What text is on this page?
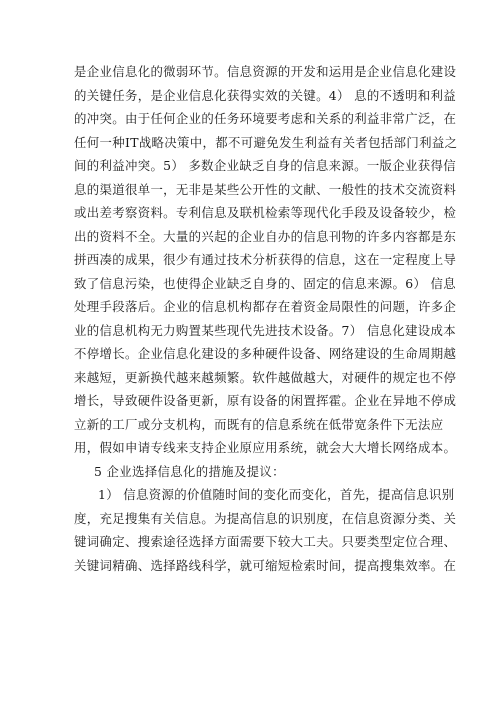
是企业信息化的微弱环节。信息资源的开发和运用是企业信息化建设
的关键任务，是企业信息化获得实效的关键。4） 息的不透明和利益
的冲突。由于任何企业的任务环境要考虑和关系的利益非常广泛，在
任何一种IT战略决策中，都不可避免发生利益有关者包括部门利益之
间的利益冲突。5） 多数企业缺乏自身的信息来源。一版企业获得信
息的渠道很单一，无非是某些公开性的文献、一般性的技术交流资料
或出差考察资料。专利信息及联机检索等现代化手段及设备较少，检
出的资料不全。大量的兴起的企业自办的信息刊物的许多内容都是东
拼西凑的成果，很少有通过技术分析获得的信息，这在一定程度上导
致了信息污染，也使得企业缺乏自身的、固定的信息来源。6） 信息
处理手段落后。企业的信息机构都存在着资金局限性的问题，许多企
业的信息机构无力购置某些现代先进技术设备。7） 信息化建设成本
不停增长。企业信息化建设的多种硬件设备、网络建设的生命周期越
来越短，更新换代越来越频繁。软件越做越大，对硬件的规定也不停
增长，导致硬件设备更新，原有设备的闲置挥霍。企业在异地不停成
立新的工厂或分支机构，而既有的信息系统在低带宽条件下无法应
用，假如申请专线来支持企业原应用系统，就会大大增长网络成本。

5 企业选择信息化的措施及提议：

1） 信息资源的价值随时间的变化而变化，首先，提高信息识别
度，充足搜集有关信息。为提高信息的识别度，在信息资源分类、关
键词确定、搜索途径选择方面需要下较大工夫。只要类型定位合理、
关键词精确、选择路线科学，就可缩短检索时间，提高搜集效率。在
